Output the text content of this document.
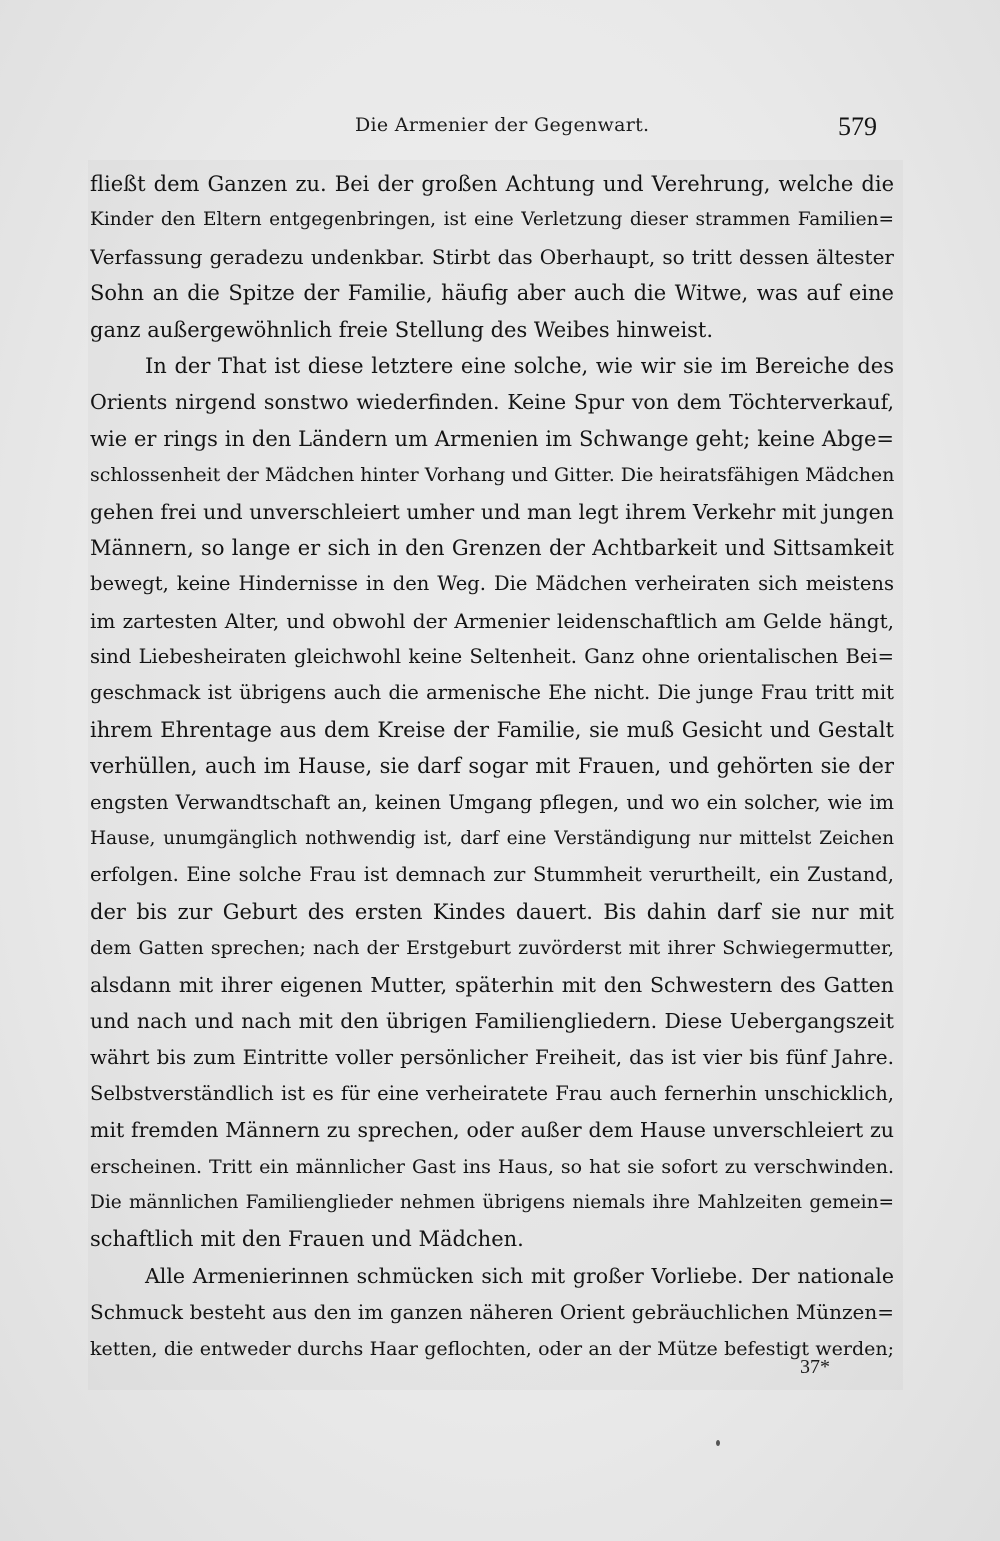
Die Armenier der Gegenwart.	579
fließt dem Ganzen zu. Bei der großen Achtung und Verehrung, welche die
Kinder den Eltern entgegenbringen, ist eine Verletzung dieser strammen Familien=
Verfassung geradezu undenkbar. Stirbt das Oberhaupt, so tritt dessen ältester
Sohn an die Spitze der Familie, häufig aber auch die Witwe, was auf eine
ganz außergewöhnlich freie Stellung des Weibes hinweist.
In der That ist diese letztere eine solche, wie wir sie im Bereiche des
Orients nirgend sonstwo wiederfinden. Keine Spur von dem Töchterverkauf,
wie er rings in den Ländern um Armenien im Schwange geht; keine Abge=
schlossenheit der Mädchen hinter Vorhang und Gitter. Die heiratsfähigen Mädchen
gehen frei und unverschleiert umher und man legt ihrem Verkehr mit jungen
Männern, so lange er sich in den Grenzen der Achtbarkeit und Sittsamkeit
bewegt, keine Hindernisse in den Weg. Die Mädchen verheiraten sich meistens
im zartesten Alter, und obwohl der Armenier leidenschaftlich am Gelde hängt,
sind Liebesheiraten gleichwohl keine Seltenheit. Ganz ohne orientalischen Bei=
geschmack ist übrigens auch die armenische Ehe nicht. Die junge Frau tritt mit
ihrem Ehrentage aus dem Kreise der Familie, sie muß Gesicht und Gestalt
verhüllen, auch im Hause, sie darf sogar mit Frauen, und gehörten sie der
engsten Verwandtschaft an, keinen Umgang pflegen, und wo ein solcher, wie im
Hause, unumgänglich nothwendig ist, darf eine Verständigung nur mittelst Zeichen
erfolgen. Eine solche Frau ist demnach zur Stummheit verurtheilt, ein Zustand,
der bis zur Geburt des ersten Kindes dauert. Bis dahin darf sie nur mit
dem Gatten sprechen; nach der Erstgeburt zuvörderst mit ihrer Schwiegermutter,
alsdann mit ihrer eigenen Mutter, späterhin mit den Schwestern des Gatten
und nach und nach mit den übrigen Familiengliedern. Diese Uebergangszeit
währt bis zum Eintritte voller persönlicher Freiheit, das ist vier bis fünf Jahre.
Selbstverständlich ist es für eine verheiratete Frau auch fernerhin unschicklich,
mit fremden Männern zu sprechen, oder außer dem Hause unverschleiert zu
erscheinen. Tritt ein männlicher Gast ins Haus, so hat sie sofort zu verschwinden.
Die männlichen Familienglieder nehmen übrigens niemals ihre Mahlzeiten gemein=
schaftlich mit den Frauen und Mädchen.
Alle Armenierinnen schmücken sich mit großer Vorliebe. Der nationale
Schmuck besteht aus den im ganzen näheren Orient gebräuchlichen Münzen=
ketten, die entweder durchs Haar geflochten, oder an der Mütze befestigt werden;
37*
